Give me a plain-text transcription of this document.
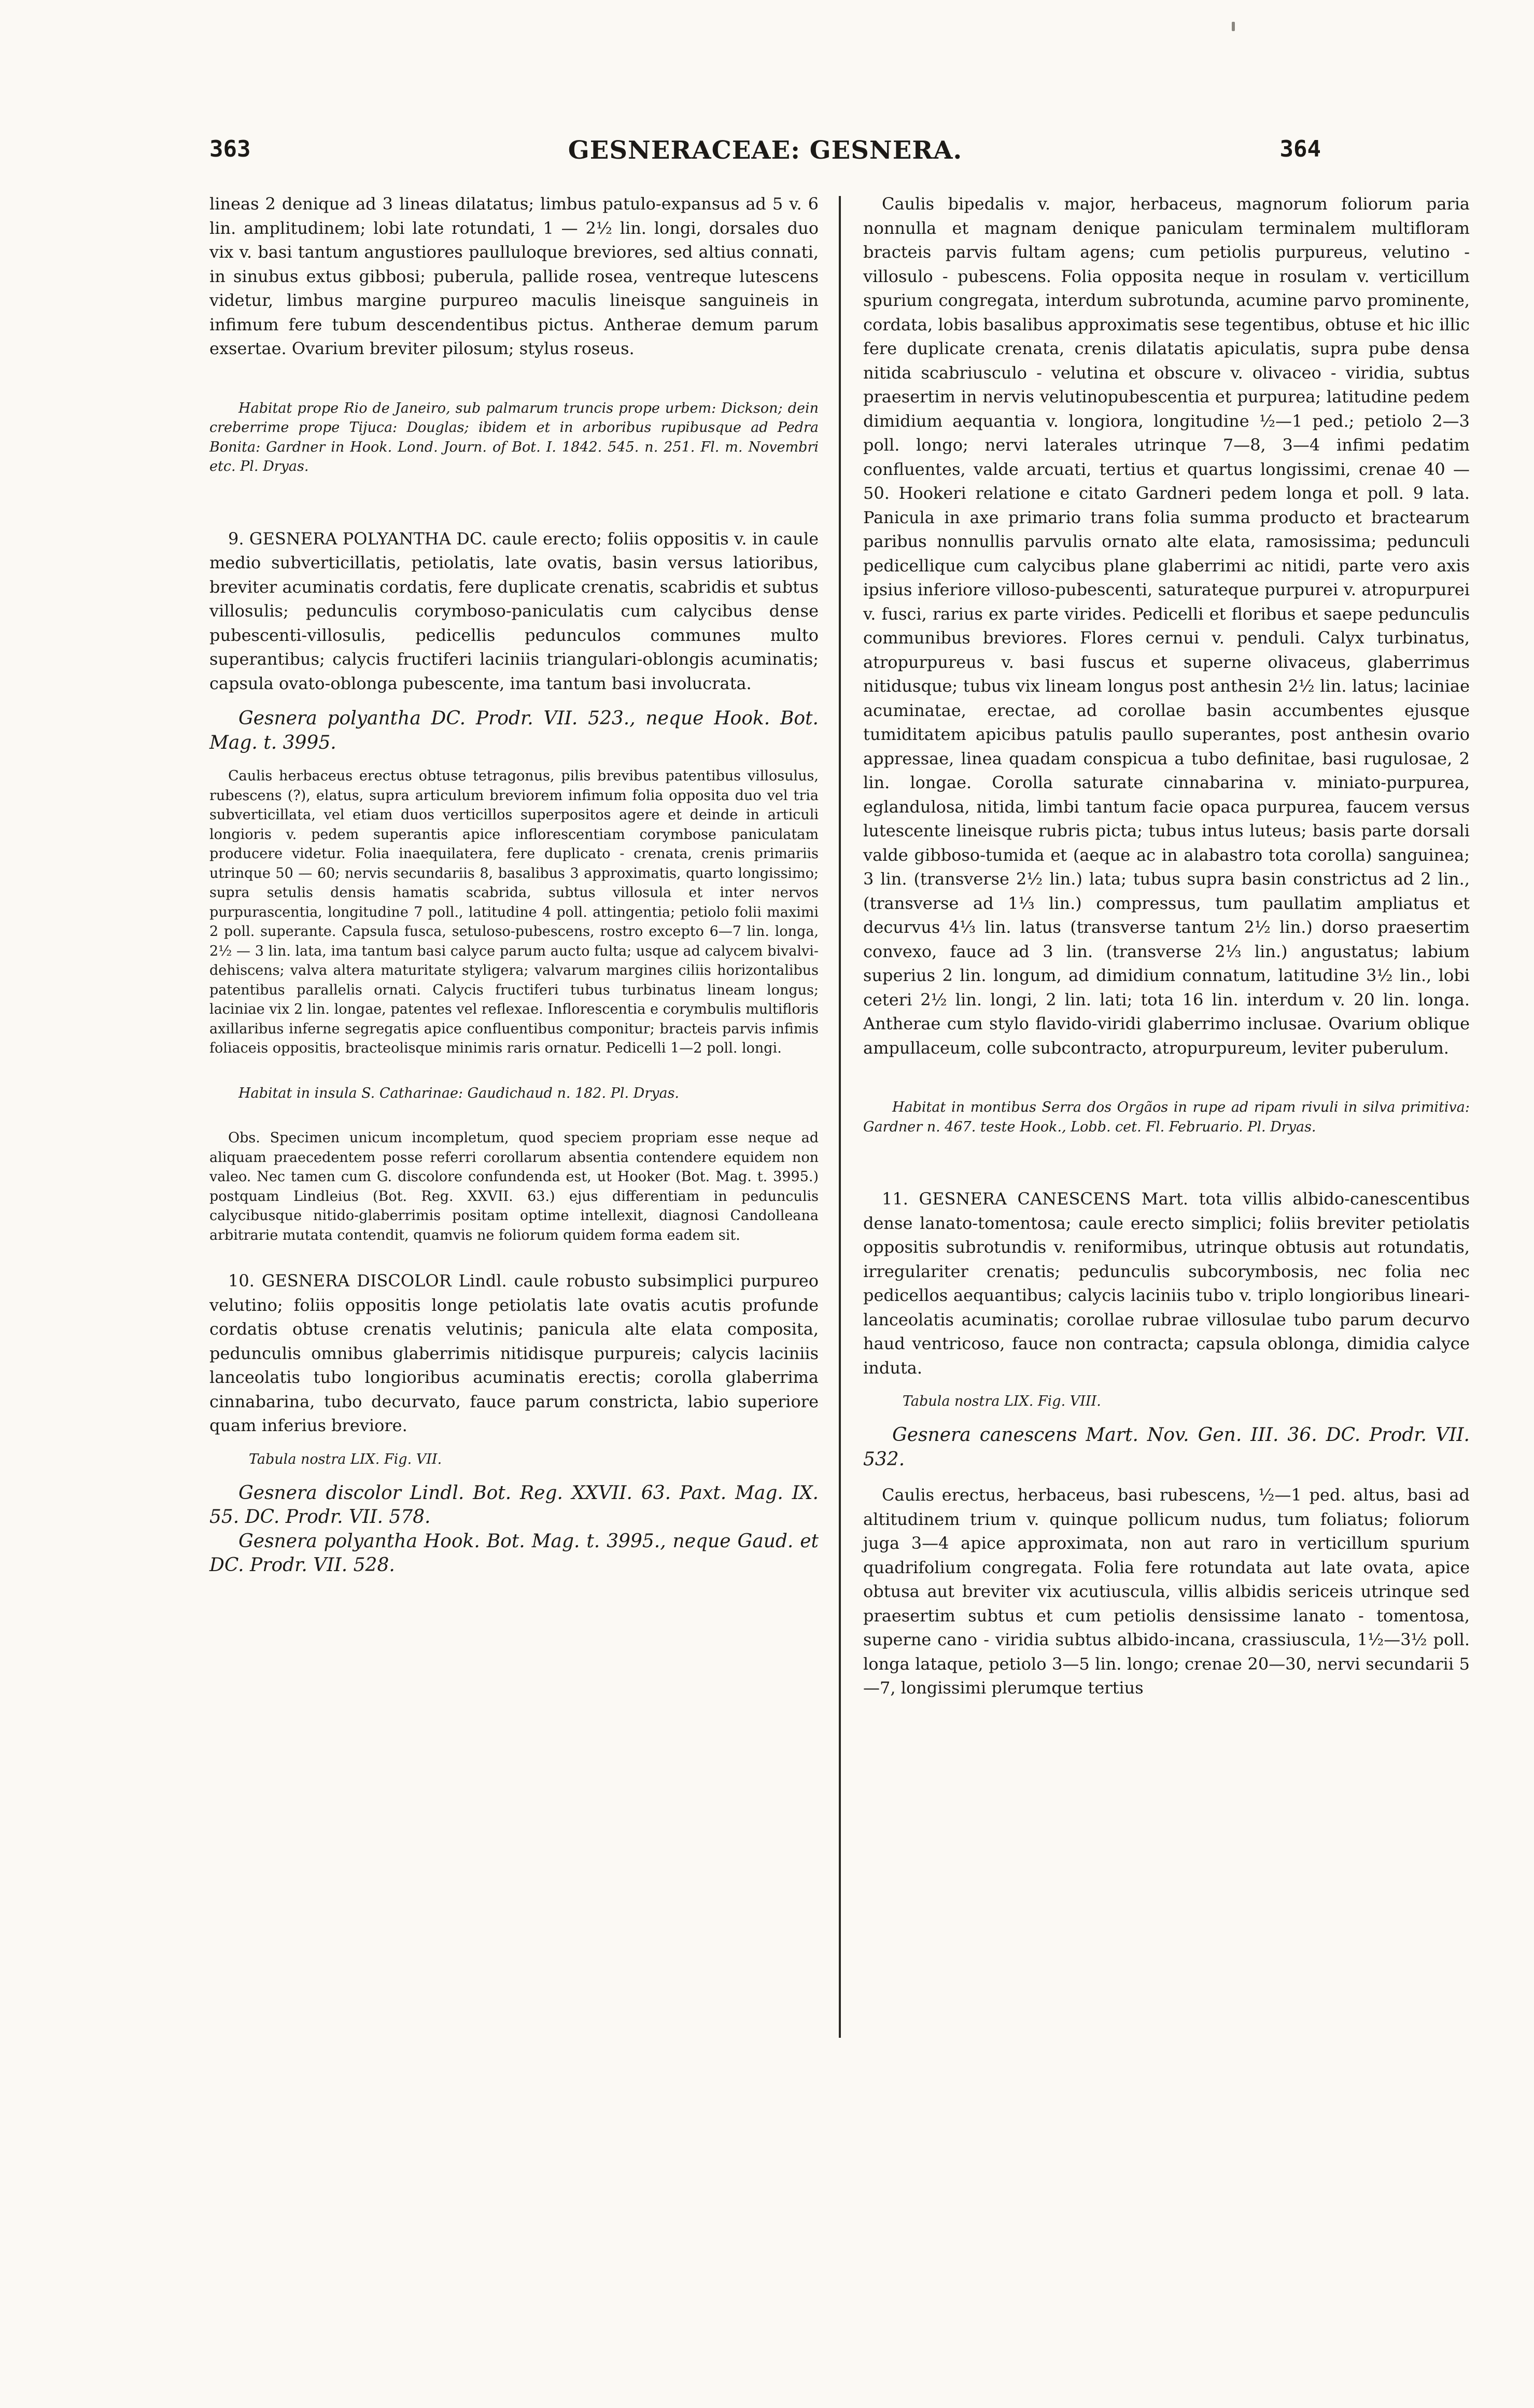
363	GESNERACEAE: GESNERA.	364

lineas 2 denique ad 3 lineas dilatatus; limbus patulo-expansus ad 5 v. 6 lin. amplitudinem; lobi late rotundati, 1 — 2½ lin. longi, dorsales duo vix v. basi tantum angustiores paulluloque breviores, sed altius connati, in sinubus extus gibbosi; puberula, pallide rosea, ventreque lutescens videtur, limbus margine purpureo maculis lineisque sanguineis in infimum fere tubum descendentibus pictus. Antherae demum parum exsertae. Ovarium breviter pilosum; stylus roseus.

Habitat prope Rio de Janeiro, sub palmarum truncis prope urbem: Dickson; dein creberrime prope Tijuca: Douglas; ibidem et in arboribus rupibusque ad Pedra Bonita: Gardner in Hook. Lond. Journ. of Bot. I. 1842. 545. n. 251. Fl. m. Novembri etc. Pl. Dryas.

9. GESNERA POLYANTHA DC. caule erecto; foliis oppositis v. in caule medio subverticillatis, petiolatis, late ovatis, basin versus latioribus, breviter acuminatis cordatis, fere duplicate crenatis, scabridis et subtus villosulis; pedunculis corymboso-paniculatis cum calycibus dense pubescenti-villosulis, pedicellis pedunculos communes multo superantibus; calycis fructiferi laciniis triangulari-oblongis acuminatis; capsula ovato-oblonga pubescente, ima tantum basi involucrata.

Gesnera polyantha DC. Prodr. VII. 523., neque Hook. Bot. Mag. t. 3995.

Caulis herbaceus erectus obtuse tetragonus, pilis brevibus patentibus villosulus, rubescens (?), elatus, supra articulum breviorem infimum folia opposita duo vel tria subverticillata, vel etiam duos verticillos superpositos agere et deinde in articuli longioris v. pedem superantis apice inflorescentiam corymbose paniculatam producere videtur. Folia inaequilatera, fere duplicato - crenata, crenis primariis utrinque 50 — 60; nervis secundariis 8, basalibus 3 approximatis, quarto longissimo; supra setulis densis hamatis scabrida, subtus villosula et inter nervos purpurascentia, longitudine 7 poll., latitudine 4 poll. attingentia; petiolo folii maximi 2 poll. superante. Capsula fusca, setuloso-pubescens, rostro excepto 6—7 lin. longa, 2½ — 3 lin. lata, ima tantum basi calyce parum aucto fulta; usque ad calycem bivalvi-dehiscens; valva altera maturitate styligera; valvarum margines ciliis horizontalibus patentibus parallelis ornati. Calycis fructiferi tubus turbinatus lineam longus; laciniae vix 2 lin. longae, patentes vel reflexae. Inflorescentia e corymbulis multifloris axillaribus inferne segregatis apice confluentibus componitur; bracteis parvis infimis foliaceis oppositis, bracteolisque minimis raris ornatur. Pedicelli 1—2 poll. longi.

Habitat in insula S. Catharinae: Gaudichaud n. 182. Pl. Dryas.

Obs. Specimen unicum incompletum, quod speciem propriam esse neque ad aliquam praecedentem posse referri corollarum absentia contendere equidem non valeo. Nec tamen cum G. discolore confundenda est, ut Hooker (Bot. Mag. t. 3995.) postquam Lindleius (Bot. Reg. XXVII. 63.) ejus differentiam in pedunculis calycibusque nitido-glaberrimis positam optime intellexit, diagnosi Candolleana arbitrarie mutata contendit, quamvis ne foliorum quidem forma eadem sit.

10. GESNERA DISCOLOR Lindl. caule robusto subsimplici purpureo velutino; foliis oppositis longe petiolatis late ovatis acutis profunde cordatis obtuse crenatis velutinis; panicula alte elata composita, pedunculis omnibus glaberrimis nitidisque purpureis; calycis laciniis lanceolatis tubo longioribus acuminatis erectis; corolla glaberrima cinnabarina, tubo decurvato, fauce parum constricta, labio superiore quam inferius breviore.

Tabula nostra LIX. Fig. VII.

Gesnera discolor Lindl. Bot. Reg. XXVII. 63. Paxt. Mag. IX. 55. DC. Prodr. VII. 578.

Gesnera polyantha Hook. Bot. Mag. t. 3995., neque Gaud. et DC. Prodr. VII. 528.

Caulis bipedalis v. major, herbaceus, magnorum foliorum paria nonnulla et magnam denique paniculam terminalem multifloram bracteis parvis fultam agens; cum petiolis purpureus, velutino - villosulo - pubescens. Folia opposita neque in rosulam v. verticillum spurium congregata, interdum subrotunda, acumine parvo prominente, cordata, lobis basalibus approximatis sese tegentibus, obtuse et hic illic fere duplicate crenata, crenis dilatatis apiculatis, supra pube densa nitida scabriusculo - velutina et obscure v. olivaceo - viridia, subtus praesertim in nervis velutinopubescentia et purpurea; latitudine pedem dimidium aequantia v. longiora, longitudine ½—1 ped.; petiolo 2—3 poll. longo; nervi laterales utrinque 7—8, 3—4 infimi pedatim confluentes, valde arcuati, tertius et quartus longissimi, crenae 40 — 50. Hookeri relatione e citato Gardneri pedem longa et poll. 9 lata. Panicula in axe primario trans folia summa producto et bractearum paribus nonnullis parvulis ornato alte elata, ramosissima; pedunculi pedicellique cum calycibus plane glaberrimi ac nitidi, parte vero axis ipsius inferiore villoso-pubescenti, saturateque purpurei v. atropurpurei v. fusci, rarius ex parte virides. Pedicelli et floribus et saepe pedunculis communibus breviores. Flores cernui v. penduli. Calyx turbinatus, atropurpureus v. basi fuscus et superne olivaceus, glaberrimus nitidusque; tubus vix lineam longus post anthesin 2½ lin. latus; laciniae acuminatae, erectae, ad corollae basin accumbentes ejusque tumiditatem apicibus patulis paullo superantes, post anthesin ovario appressae, linea quadam conspicua a tubo definitae, basi rugulosae, 2 lin. longae. Corolla saturate cinnabarina v. miniato-purpurea, eglandulosa, nitida, limbi tantum facie opaca purpurea, faucem versus lutescente lineisque rubris picta; tubus intus luteus; basis parte dorsali valde gibboso-tumida et (aeque ac in alabastro tota corolla) sanguinea; 3 lin. (transverse 2½ lin.) lata; tubus supra basin constrictus ad 2 lin., (transverse ad 1⅓ lin.) compressus, tum paullatim ampliatus et decurvus 4⅓ lin. latus (transverse tantum 2½ lin.) dorso praesertim convexo, fauce ad 3 lin. (transverse 2⅓ lin.) angustatus; labium superius 2 lin. longum, ad dimidium connatum, latitudine 3½ lin., lobi ceteri 2½ lin. longi, 2 lin. lati; tota 16 lin. interdum v. 20 lin. longa. Antherae cum stylo flavido-viridi glaberrimo inclusae. Ovarium oblique ampullaceum, colle subcontracto, atropurpureum, leviter puberulum.

Habitat in montibus Serra dos Orgãos in rupe ad ripam rivuli in silva primitiva: Gardner n. 467. teste Hook., Lobb. cet. Fl. Februario. Pl. Dryas.

11. GESNERA CANESCENS Mart. tota villis albido-canescentibus dense lanato-tomentosa; caule erecto simplici; foliis breviter petiolatis oppositis subrotundis v. reniformibus, utrinque obtusis aut rotundatis, irregulariter crenatis; pedunculis subcorymbosis, nec folia nec pedicellos aequantibus; calycis laciniis tubo v. triplo longioribus lineari-lanceolatis acuminatis; corollae rubrae villosulae tubo parum decurvo haud ventricoso, fauce non contracta; capsula oblonga, dimidia calyce induta.

Tabula nostra LIX. Fig. VIII.

Gesnera canescens Mart. Nov. Gen. III. 36. DC. Prodr. VII. 532.

Caulis erectus, herbaceus, basi rubescens, ½—1 ped. altus, basi ad altitudinem trium v. quinque pollicum nudus, tum foliatus; foliorum juga 3—4 apice approximata, non aut raro in verticillum spurium quadrifolium congregata. Folia fere rotundata aut late ovata, apice obtusa aut breviter vix acutiuscula, villis albidis sericeis utrinque sed praesertim subtus et cum petiolis densissime lanato - tomentosa, superne cano - viridia subtus albido-incana, crassiuscula, 1½—3½ poll. longa lataque, petiolo 3—5 lin. longo; crenae 20—30, nervi secundarii 5—7, longissimi plerumque tertius
